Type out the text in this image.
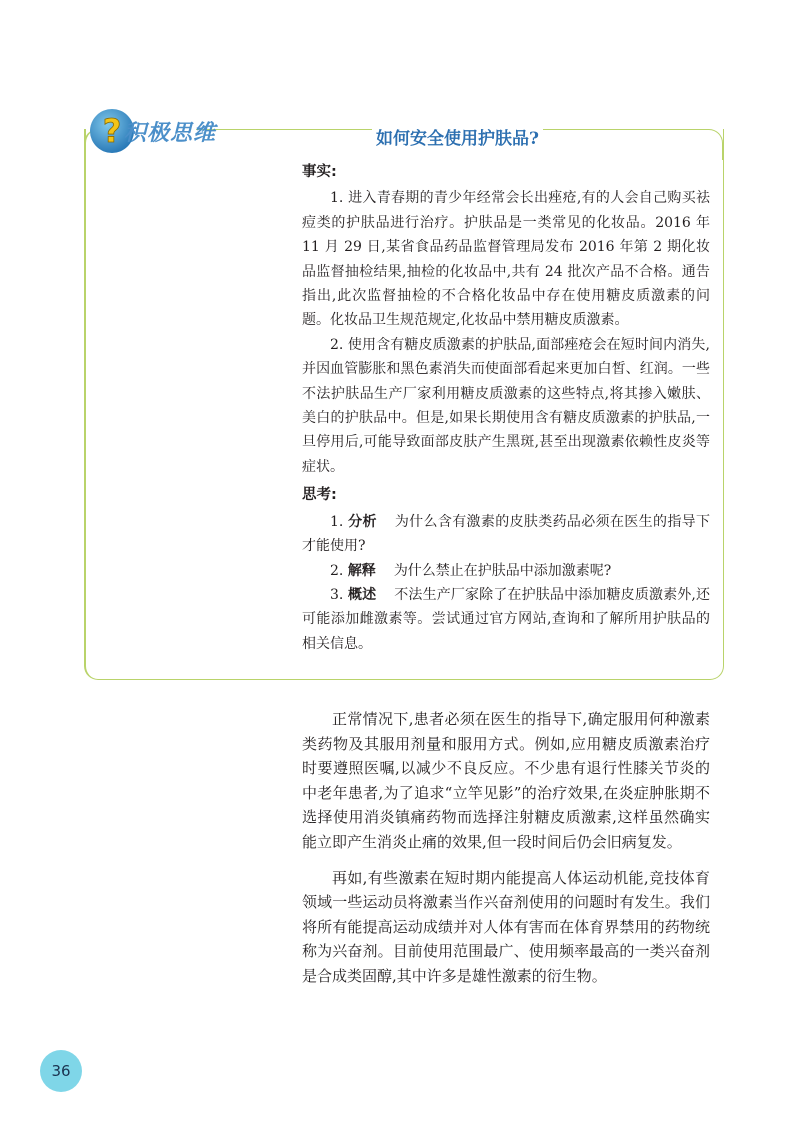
? 积极思维	如何安全使用护肤品?
事实:

1. 进入青春期的青少年经常会长出痤疮,有的人会自己购买祛痘类的护肤品进行治疗。护肤品是一类常见的化妆品。2016 年 11 月 29 日,某省食品药品监督管理局发布 2016 年第 2 期化妆品监督抽检结果,抽检的化妆品中,共有 24 批次产品不合格。通告指出,此次监督抽检的不合格化妆品中存在使用糖皮质激素的问题。化妆品卫生规范规定,化妆品中禁用糖皮质激素。

2. 使用含有糖皮质激素的护肤品,面部痤疮会在短时间内消失,并因血管膨胀和黑色素消失而使面部看起来更加白皙、红润。一些不法护肤品生产厂家利用糖皮质激素的这些特点,将其掺入嫩肤、美白的护肤品中。但是,如果长期使用含有糖皮质激素的护肤品,一旦停用后,可能导致面部皮肤产生黑斑,甚至出现激素依赖性皮炎等症状。

思考:

1. 分析 为什么含有激素的皮肤类药品必须在医生的指导下才能使用?

2. 解释 为什么禁止在护肤品中添加激素呢?

3. 概述 不法生产厂家除了在护肤品中添加糖皮质激素外,还可能添加雌激素等。尝试通过官方网站,查询和了解所用护肤品的相关信息。

正常情况下,患者必须在医生的指导下,确定服用何种激素类药物及其服用剂量和服用方式。例如,应用糖皮质激素治疗时要遵照医嘱,以减少不良反应。不少患有退行性膝关节炎的中老年患者,为了追求“立竿见影”的治疗效果,在炎症肿胀期不选择使用消炎镇痛药物而选择注射糖皮质激素,这样虽然确实能立即产生消炎止痛的效果,但一段时间后仍会旧病复发。

再如,有些激素在短时期内能提高人体运动机能,竞技体育领域一些运动员将激素当作兴奋剂使用的问题时有发生。我们将所有能提高运动成绩并对人体有害而在体育界禁用的药物统称为兴奋剂。目前使用范围最广、使用频率最高的一类兴奋剂是合成类固醇,其中许多是雄性激素的衍生物。

36
